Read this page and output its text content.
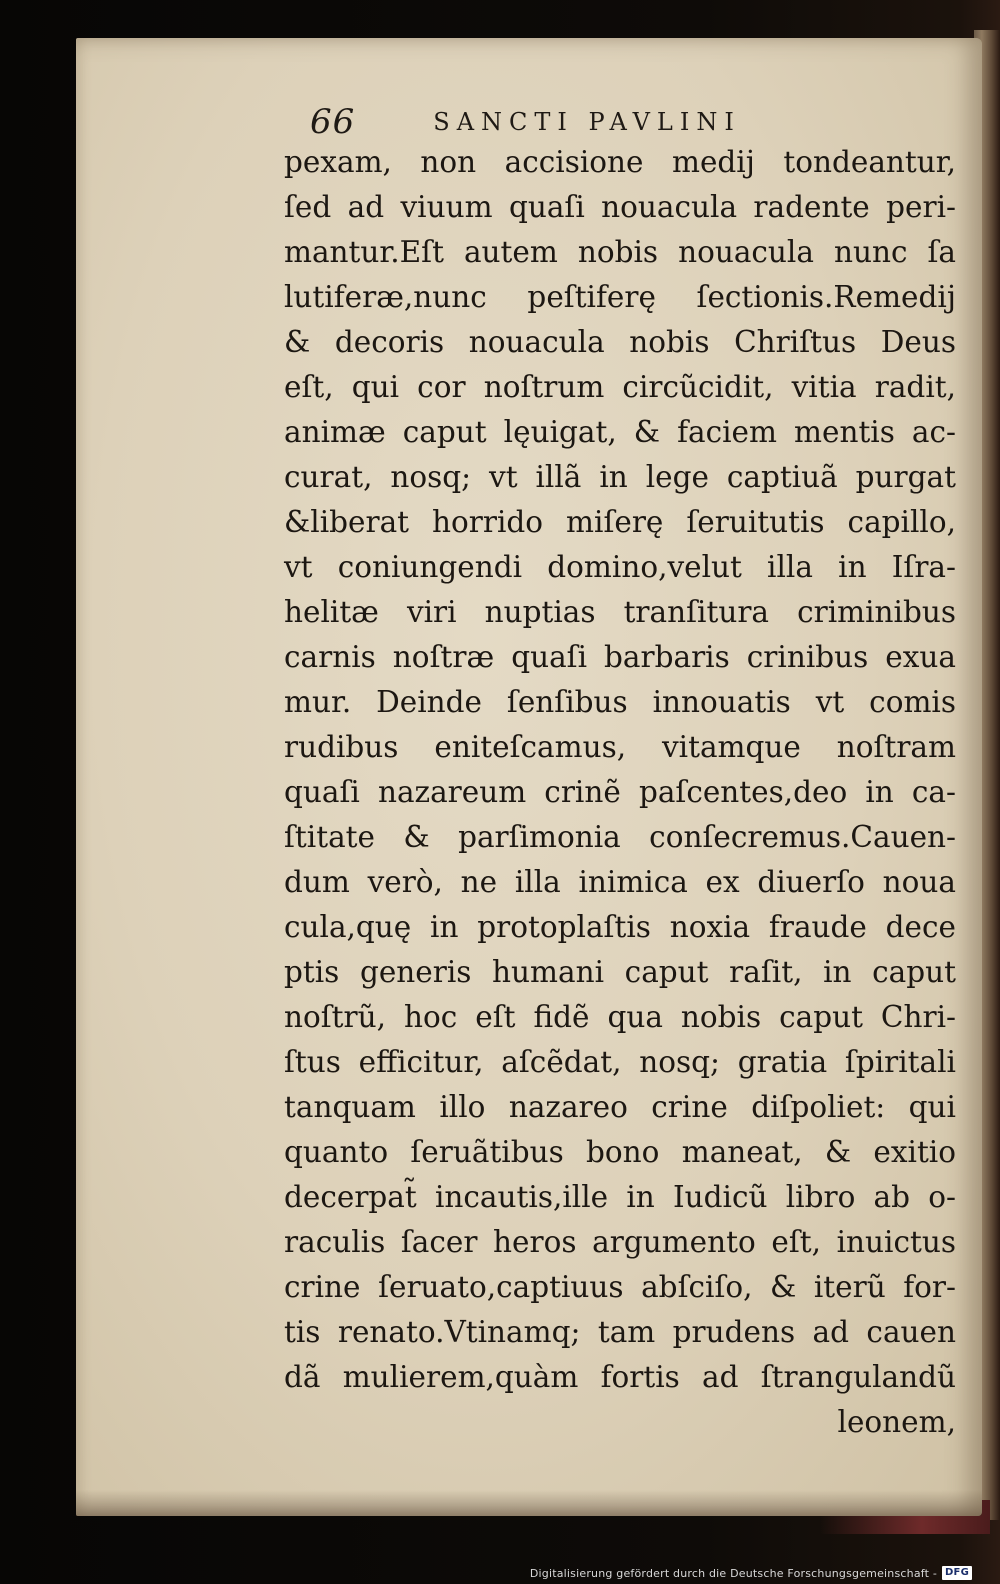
66	SANCTI PAVLINI
pexam, non accisione medij tondeantur,
ſed ad viuum quaſi nouacula radente peri-
mantur.Eſt autem nobis nouacula nunc ſa
lutiferæ,nunc peſtiferę ſectionis.Remedij
& decoris nouacula nobis Chriſtus Deus
eſt, qui cor noſtrum circũcidit, vitia radit,
animæ caput lęuigat, & faciem mentis ac-
curat, nosq; vt illã in lege captiuã purgat
&liberat horrido miſerę ſeruitutis capillo,
vt coniungendi domino,velut illa in Iſra-
helitæ viri nuptias tranſitura criminibus
carnis noſtræ quaſi barbaris crinibus exua
mur. Deinde ſenſibus innouatis vt comis
rudibus eniteſcamus, vitamque noſtram
quaſi nazareum crinẽ paſcentes,deo in ca-
ſtitate & parſimonia conſecremus.Cauen-
dum verò, ne illa inimica ex diuerſo noua
cula,quę in protoplaſtis noxia fraude dece
ptis generis humani caput raſit, in caput
noſtrũ, hoc eſt fidẽ qua nobis caput Chri-
ſtus efficitur, aſcẽdat, nosq; gratia ſpiritali
tanquam illo nazareo crine diſpoliet: qui
quanto ſeruãtibus bono maneat, & exitio
decerpat̃ incautis,ille in Iudicũ libro ab o-
raculis ſacer heros argumento eſt, inuictus
crine ſeruato,captiuus abſciſo, & iterũ for-
tis renato.Vtinamq; tam prudens ad cauen
dã mulierem,quàm fortis ad ſtrangulandũ
leonem,
Digitalisierung gefördert durch die Deutsche Forschungsgemeinschaft - DFG
